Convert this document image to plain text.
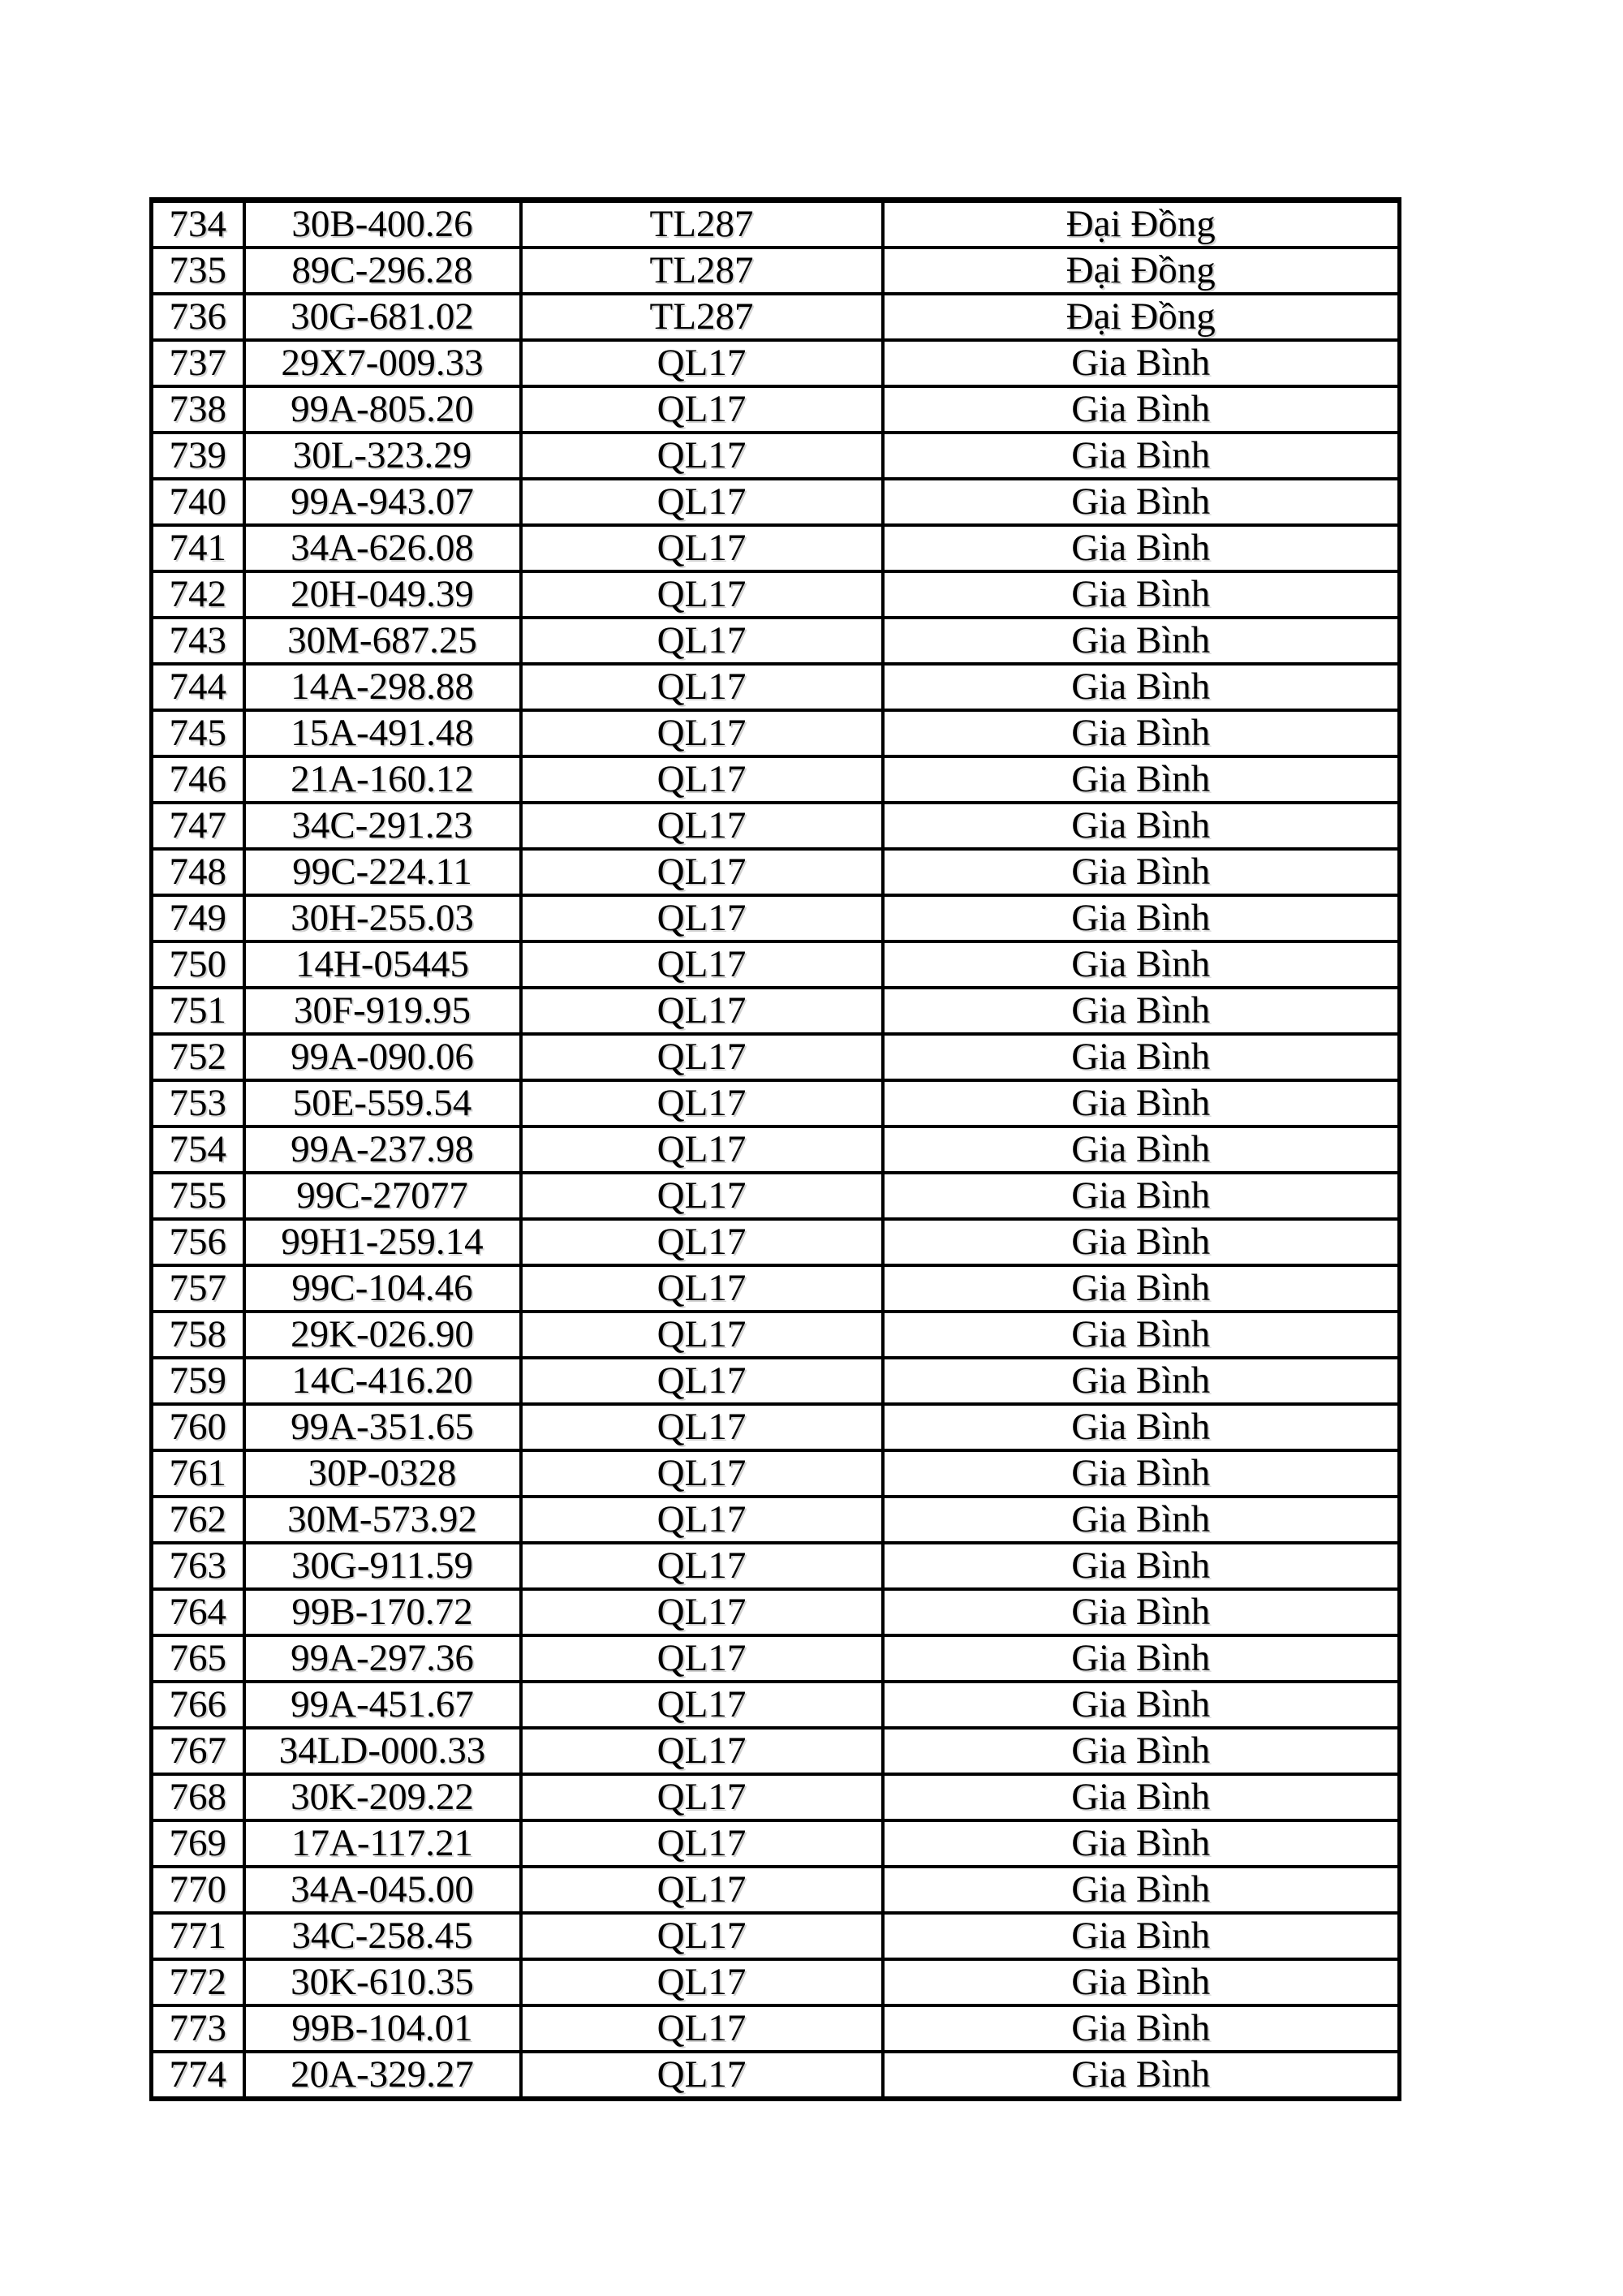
734	30B-400.26	TL287	Đại Đồng
735	89C-296.28	TL287	Đại Đồng
736	30G-681.02	TL287	Đại Đồng
737	29X7-009.33	QL17	Gia Bình
738	99A-805.20	QL17	Gia Bình
739	30L-323.29	QL17	Gia Bình
740	99A-943.07	QL17	Gia Bình
741	34A-626.08	QL17	Gia Bình
742	20H-049.39	QL17	Gia Bình
743	30M-687.25	QL17	Gia Bình
744	14A-298.88	QL17	Gia Bình
745	15A-491.48	QL17	Gia Bình
746	21A-160.12	QL17	Gia Bình
747	34C-291.23	QL17	Gia Bình
748	99C-224.11	QL17	Gia Bình
749	30H-255.03	QL17	Gia Bình
750	14H-05445	QL17	Gia Bình
751	30F-919.95	QL17	Gia Bình
752	99A-090.06	QL17	Gia Bình
753	50E-559.54	QL17	Gia Bình
754	99A-237.98	QL17	Gia Bình
755	99C-27077	QL17	Gia Bình
756	99H1-259.14	QL17	Gia Bình
757	99C-104.46	QL17	Gia Bình
758	29K-026.90	QL17	Gia Bình
759	14C-416.20	QL17	Gia Bình
760	99A-351.65	QL17	Gia Bình
761	30P-0328	QL17	Gia Bình
762	30M-573.92	QL17	Gia Bình
763	30G-911.59	QL17	Gia Bình
764	99B-170.72	QL17	Gia Bình
765	99A-297.36	QL17	Gia Bình
766	99A-451.67	QL17	Gia Bình
767	34LD-000.33	QL17	Gia Bình
768	30K-209.22	QL17	Gia Bình
769	17A-117.21	QL17	Gia Bình
770	34A-045.00	QL17	Gia Bình
771	34C-258.45	QL17	Gia Bình
772	30K-610.35	QL17	Gia Bình
773	99B-104.01	QL17	Gia Bình
774	20A-329.27	QL17	Gia Bình
